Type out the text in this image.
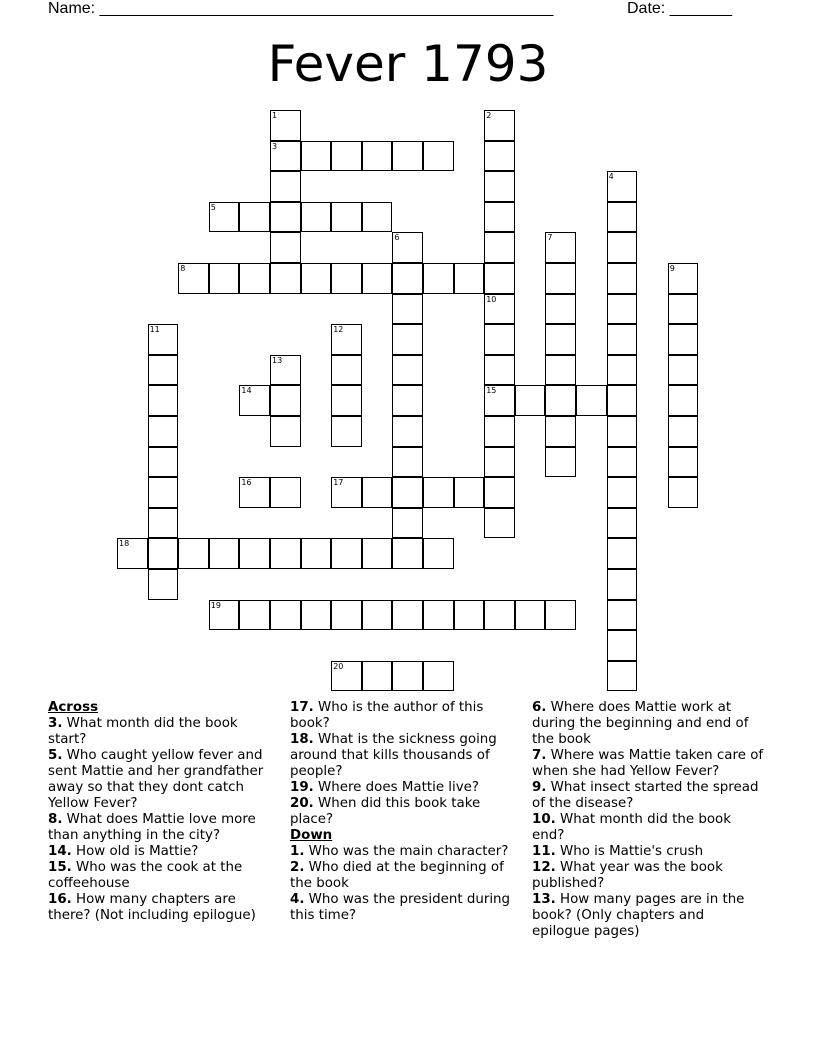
Name: ___________________________________________________	Date: _______
Fever 1793
1
3
2
4
5
6	7
8	9
10
15
11	12
13
14
16	17
18
19
20
Across
3. What month did the book start?
5. Who caught yellow fever and sent Mattie and her grandfather away so that they dont catch Yellow Fever?
8. What does Mattie love more than anything in the city?
14. How old is Mattie?
15. Who was the cook at the coffeehouse
16. How many chapters are there? (Not including epilogue)
17. Who is the author of this book?
18. What is the sickness going around that kills thousands of people?
19. Where does Mattie live?
20. When did this book take place?
Down
1. Who was the main character?
2. Who died at the beginning of the book
4. Who was the president during this time?
6. Where does Mattie work at during the beginning and end of the book
7. Where was Mattie taken care of when she had Yellow Fever?
9. What insect started the spread of the disease?
10. What month did the book end?
11. Who is Mattie's crush
12. What year was the book published?
13. How many pages are in the book? (Only chapters and epilogue pages)
